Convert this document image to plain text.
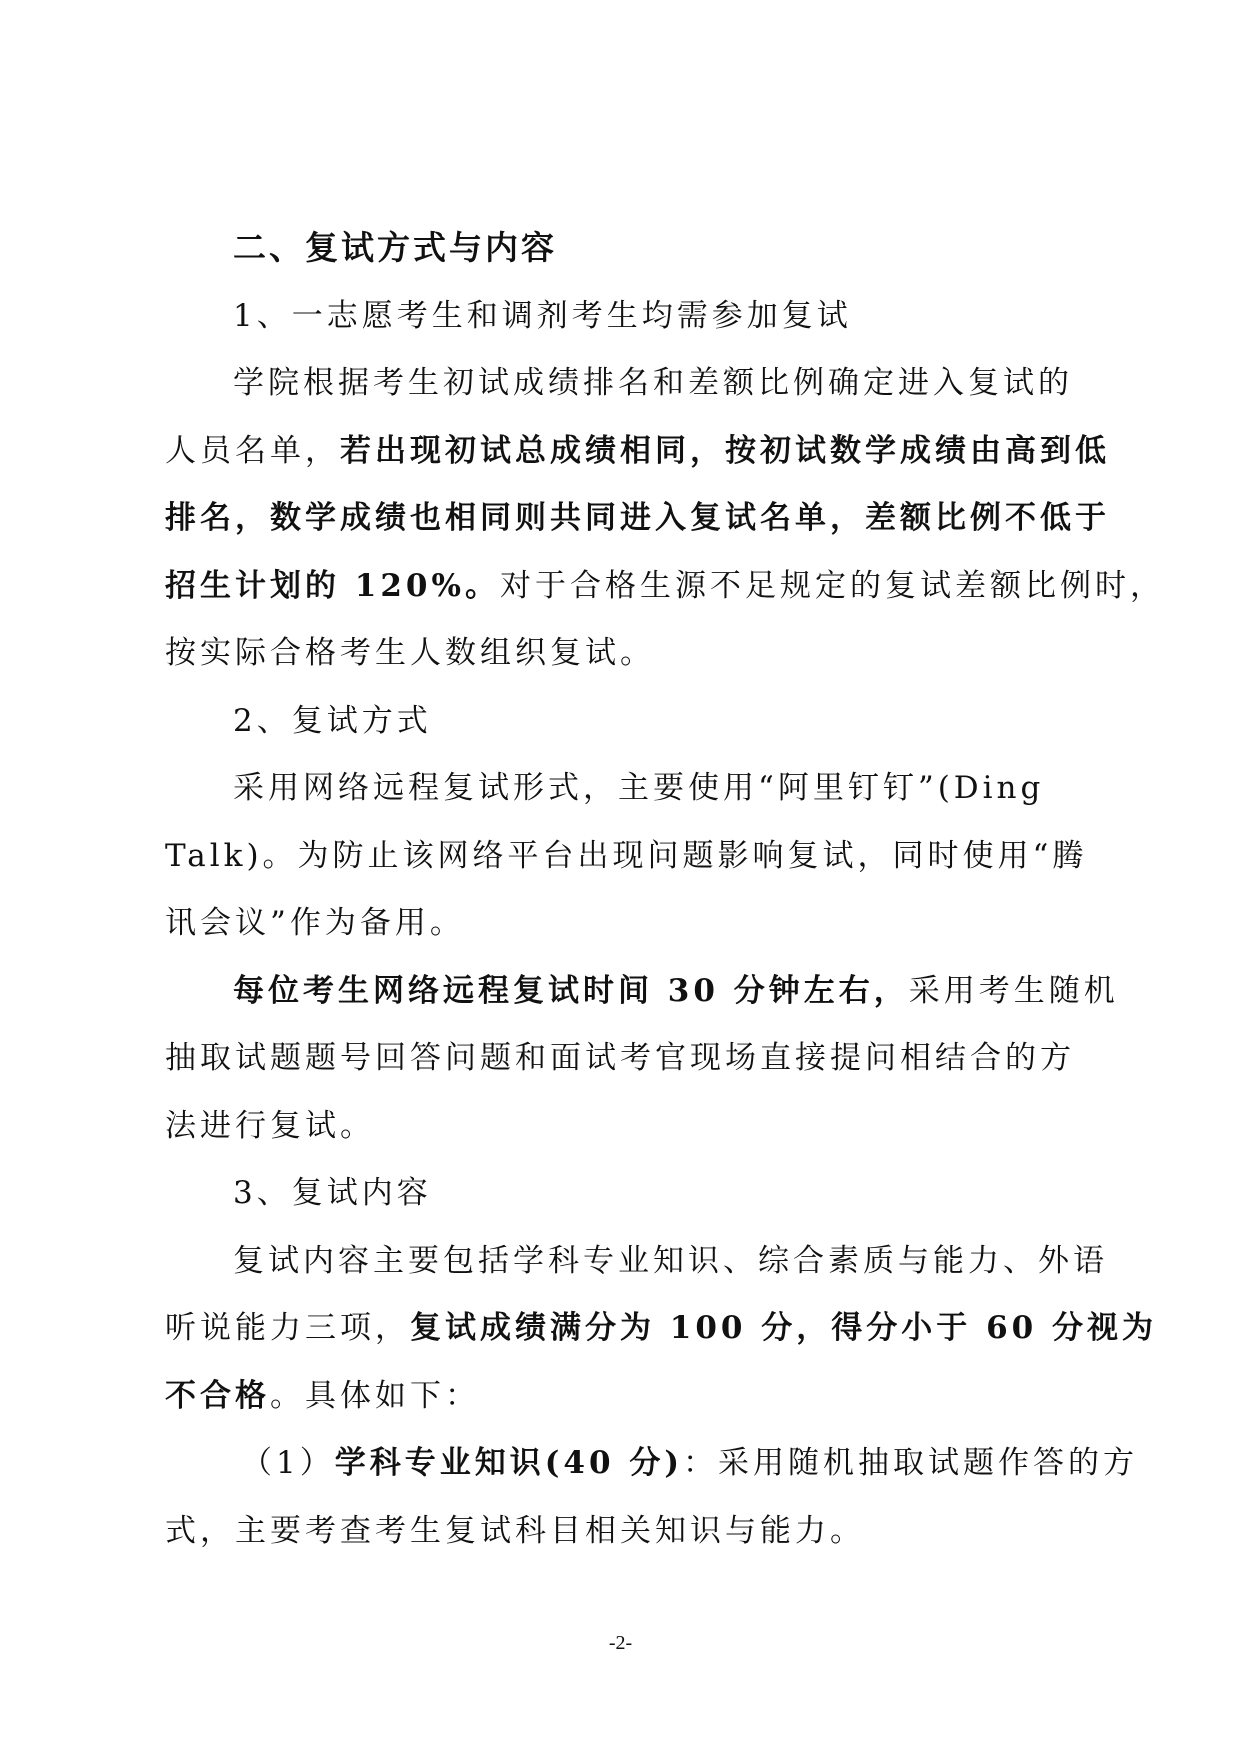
二、复试方式与内容
1、一志愿考生和调剂考生均需参加复试
学院根据考生初试成绩排名和差额比例确定进入复试的
人员名单，若出现初试总成绩相同，按初试数学成绩由高到低
排名，数学成绩也相同则共同进入复试名单，差额比例不低于
招生计划的 120%。对于合格生源不足规定的复试差额比例时，
按实际合格考生人数组织复试。
2、复试方式
采用网络远程复试形式，主要使用“阿里钉钉”(Ding
Talk)。为防止该网络平台出现问题影响复试，同时使用“腾
讯会议”作为备用。
每位考生网络远程复试时间 30 分钟左右，采用考生随机
抽取试题题号回答问题和面试考官现场直接提问相结合的方
法进行复试。
3、复试内容
复试内容主要包括学科专业知识、综合素质与能力、外语
听说能力三项，复试成绩满分为 100 分，得分小于 60 分视为
不合格。具体如下：
（1）学科专业知识(40 分)：采用随机抽取试题作答的方
式，主要考查考生复试科目相关知识与能力。
-2-
